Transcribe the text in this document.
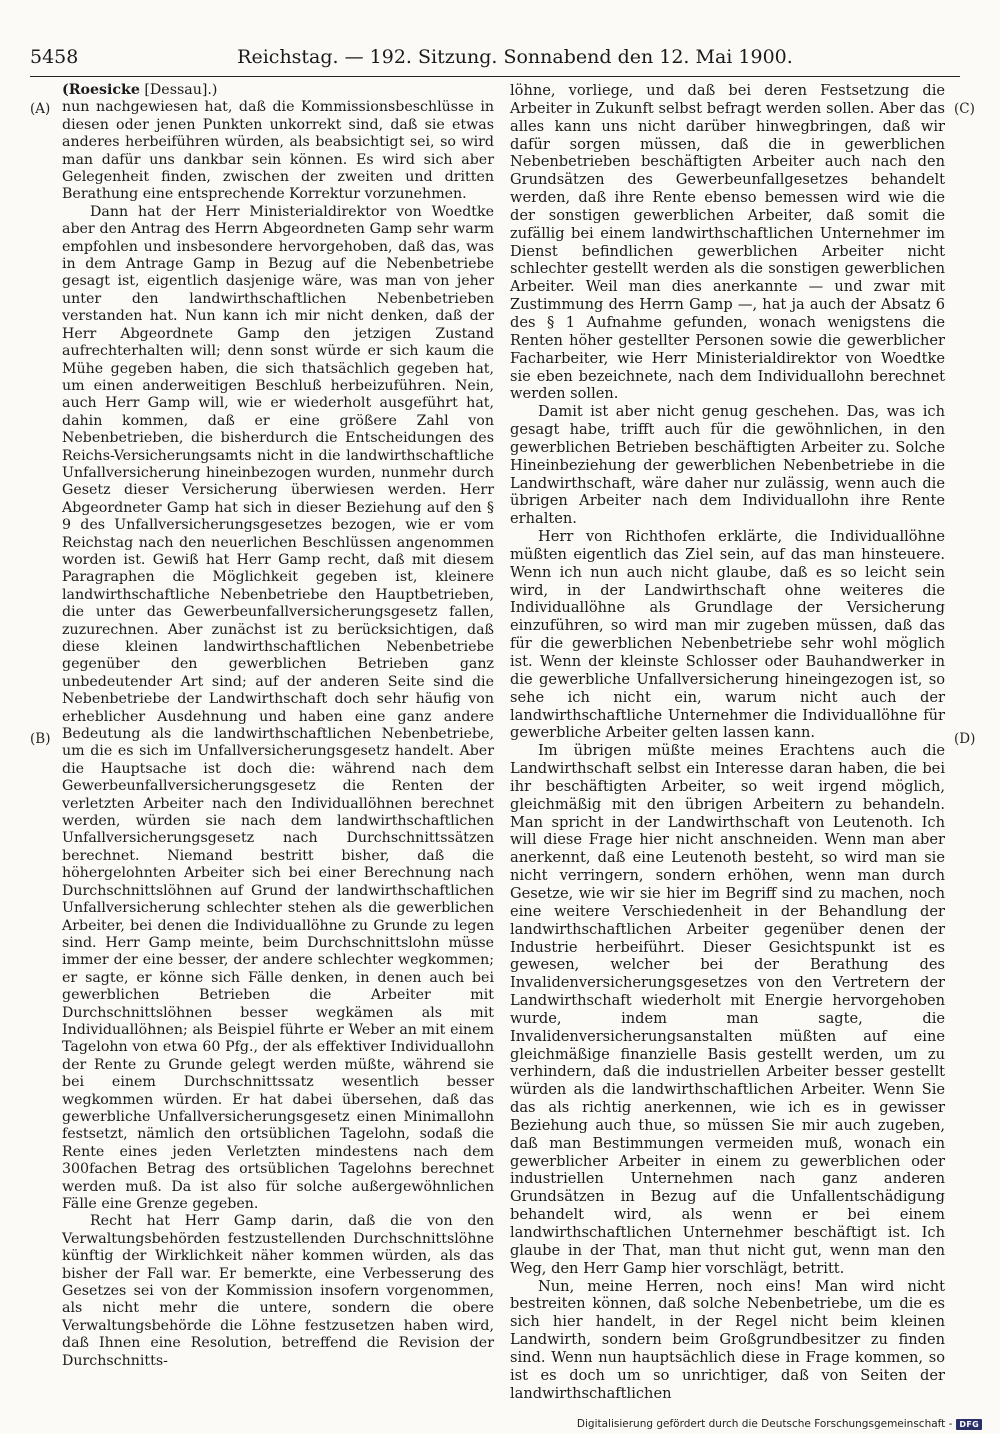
5458	Reichstag. — 192. Sitzung. Sonnabend den 12. Mai 1900.
(A)
(B)
(C)
(D)

(Roesicke [Dessau].)

nun nachgewiesen hat, daß die Kommissionsbeschlüsse in diesen oder jenen Punkten unkorrekt sind, daß sie etwas anderes herbeiführen würden, als beabsichtigt sei, so wird man dafür uns dankbar sein können. Es wird sich aber Gelegenheit finden, zwischen der zweiten und dritten Berathung eine entsprechende Korrektur vorzunehmen.

Dann hat der Herr Ministerialdirektor von Woedtke aber den Antrag des Herrn Abgeordneten Gamp sehr warm empfohlen und insbesondere hervorgehoben, daß das, was in dem Antrage Gamp in Bezug auf die Nebenbetriebe gesagt ist, eigentlich dasjenige wäre, was man von jeher unter den landwirthschaftlichen Nebenbetrieben verstanden hat. Nun kann ich mir nicht denken, daß der Herr Abgeordnete Gamp den jetzigen Zustand aufrechterhalten will; denn sonst würde er sich kaum die Mühe gegeben haben, die sich thatsächlich gegeben hat, um einen anderweitigen Beschluß herbeizuführen. Nein, auch Herr Gamp will, wie er wiederholt ausgeführt hat, dahin kommen, daß er eine größere Zahl von Nebenbetrieben, die bisherdurch die Entscheidungen des Reichs-Versicherungsamts nicht in die landwirthschaftliche Unfallversicherung hineinbezogen wurden, nunmehr durch Gesetz dieser Versicherung überwiesen werden. Herr Abgeordneter Gamp hat sich in dieser Beziehung auf den § 9 des Unfallversicherungsgesetzes bezogen, wie er vom Reichstag nach den neuerlichen Beschlüssen angenommen worden ist. Gewiß hat Herr Gamp recht, daß mit diesem Paragraphen die Möglichkeit gegeben ist, kleinere landwirthschaftliche Nebenbetriebe den Hauptbetrieben, die unter das Gewerbeunfallversicherungsgesetz fallen, zuzurechnen. Aber zunächst ist zu berücksichtigen, daß diese kleinen landwirthschaftlichen Nebenbetriebe gegenüber den gewerblichen Betrieben ganz unbedeutender Art sind; auf der anderen Seite sind die Nebenbetriebe der Landwirthschaft doch sehr häufig von erheblicher Ausdehnung und haben eine ganz andere Bedeutung als die landwirthschaftlichen Nebenbetriebe, um die es sich im Unfallversicherungsgesetz handelt. Aber die Hauptsache ist doch die: während nach dem Gewerbeunfallversicherungsgesetz die Renten der verletzten Arbeiter nach den Individuallöhnen berechnet werden, würden sie nach dem landwirthschaftlichen Unfallversicherungsgesetz nach Durchschnittssätzen berechnet. Niemand bestritt bisher, daß die höhergelohnten Arbeiter sich bei einer Berechnung nach Durchschnittslöhnen auf Grund der landwirthschaftlichen Unfallversicherung schlechter stehen als die gewerblichen Arbeiter, bei denen die Individuallöhne zu Grunde zu legen sind. Herr Gamp meinte, beim Durchschnittslohn müsse immer der eine besser, der andere schlechter wegkommen; er sagte, er könne sich Fälle denken, in denen auch bei gewerblichen Betrieben die Arbeiter mit Durchschnittslöhnen besser wegkämen als mit Individuallöhnen; als Beispiel führte er Weber an mit einem Tagelohn von etwa 60 Pfg., der als effektiver Individuallohn der Rente zu Grunde gelegt werden müßte, während sie bei einem Durchschnittssatz wesentlich besser wegkommen würden. Er hat dabei übersehen, daß das gewerbliche Unfallversicherungsgesetz einen Minimallohn festsetzt, nämlich den ortsüblichen Tagelohn, sodaß die Rente eines jeden Verletzten mindestens nach dem 300fachen Betrag des ortsüblichen Tagelohns berechnet werden muß. Da ist also für solche außergewöhnlichen Fälle eine Grenze gegeben.

Recht hat Herr Gamp darin, daß die von den Verwaltungsbehörden festzustellenden Durchschnittslöhne künftig der Wirklichkeit näher kommen würden, als das bisher der Fall war. Er bemerkte, eine Verbesserung des Gesetzes sei von der Kommission insofern vorgenommen, als nicht mehr die untere, sondern die obere Verwaltungsbehörde die Löhne festzusetzen haben wird, daß Ihnen eine Resolution, betreffend die Revision der Durchschnitts-

löhne, vorliege, und daß bei deren Festsetzung die Arbeiter in Zukunft selbst befragt werden sollen. Aber das alles kann uns nicht darüber hinwegbringen, daß wir dafür sorgen müssen, daß die in gewerblichen Nebenbetrieben beschäftigten Arbeiter auch nach den Grundsätzen des Gewerbeunfallgesetzes behandelt werden, daß ihre Rente ebenso bemessen wird wie die der sonstigen gewerblichen Arbeiter, daß somit die zufällig bei einem landwirthschaftlichen Unternehmer im Dienst befindlichen gewerblichen Arbeiter nicht schlechter gestellt werden als die sonstigen gewerblichen Arbeiter. Weil man dies anerkannte — und zwar mit Zustimmung des Herrn Gamp —, hat ja auch der Absatz 6 des § 1 Aufnahme gefunden, wonach wenigstens die Renten höher gestellter Personen sowie die gewerblicher Facharbeiter, wie Herr Ministerialdirektor von Woedtke sie eben bezeichnete, nach dem Individuallohn berechnet werden sollen.

Damit ist aber nicht genug geschehen. Das, was ich gesagt habe, trifft auch für die gewöhnlichen, in den gewerblichen Betrieben beschäftigten Arbeiter zu. Solche Hineinbeziehung der gewerblichen Nebenbetriebe in die Landwirthschaft, wäre daher nur zulässig, wenn auch die übrigen Arbeiter nach dem Individuallohn ihre Rente erhalten.

Herr von Richthofen erklärte, die Individuallöhne müßten eigentlich das Ziel sein, auf das man hinsteuere. Wenn ich nun auch nicht glaube, daß es so leicht sein wird, in der Landwirthschaft ohne weiteres die Individuallöhne als Grundlage der Versicherung einzuführen, so wird man mir zugeben müssen, daß das für die gewerblichen Nebenbetriebe sehr wohl möglich ist. Wenn der kleinste Schlosser oder Bauhandwerker in die gewerbliche Unfallversicherung hineingezogen ist, so sehe ich nicht ein, warum nicht auch der landwirthschaftliche Unternehmer die Individuallöhne für gewerbliche Arbeiter gelten lassen kann.

Im übrigen müßte meines Erachtens auch die Landwirthschaft selbst ein Interesse daran haben, die bei ihr beschäftigten Arbeiter, so weit irgend möglich, gleichmäßig mit den übrigen Arbeitern zu behandeln. Man spricht in der Landwirthschaft von Leutenoth. Ich will diese Frage hier nicht anschneiden. Wenn man aber anerkennt, daß eine Leutenoth besteht, so wird man sie nicht verringern, sondern erhöhen, wenn man durch Gesetze, wie wir sie hier im Begriff sind zu machen, noch eine weitere Verschiedenheit in der Behandlung der landwirthschaftlichen Arbeiter gegenüber denen der Industrie herbeiführt. Dieser Gesichtspunkt ist es gewesen, welcher bei der Berathung des Invalidenversicherungsgesetzes von den Vertretern der Landwirthschaft wiederholt mit Energie hervorgehoben wurde, indem man sagte, die Invalidenversicherungsanstalten müßten auf eine gleichmäßige finanzielle Basis gestellt werden, um zu verhindern, daß die industriellen Arbeiter besser gestellt würden als die landwirthschaftlichen Arbeiter. Wenn Sie das als richtig anerkennen, wie ich es in gewisser Beziehung auch thue, so müssen Sie mir auch zugeben, daß man Bestimmungen vermeiden muß, wonach ein gewerblicher Arbeiter in einem zu gewerblichen oder industriellen Unternehmen nach ganz anderen Grundsätzen in Bezug auf die Unfallentschädigung behandelt wird, als wenn er bei einem landwirthschaftlichen Unternehmer beschäftigt ist. Ich glaube in der That, man thut nicht gut, wenn man den Weg, den Herr Gamp hier vorschlägt, betritt.

Nun, meine Herren, noch eins! Man wird nicht bestreiten können, daß solche Nebenbetriebe, um die es sich hier handelt, in der Regel nicht beim kleinen Landwirth, sondern beim Großgrundbesitzer zu finden sind. Wenn nun hauptsächlich diese in Frage kommen, so ist es doch um so unrichtiger, daß von Seiten der landwirthschaftlichen

Digitalisierung gefördert durch die Deutsche Forschungsgemeinschaft - DFG
